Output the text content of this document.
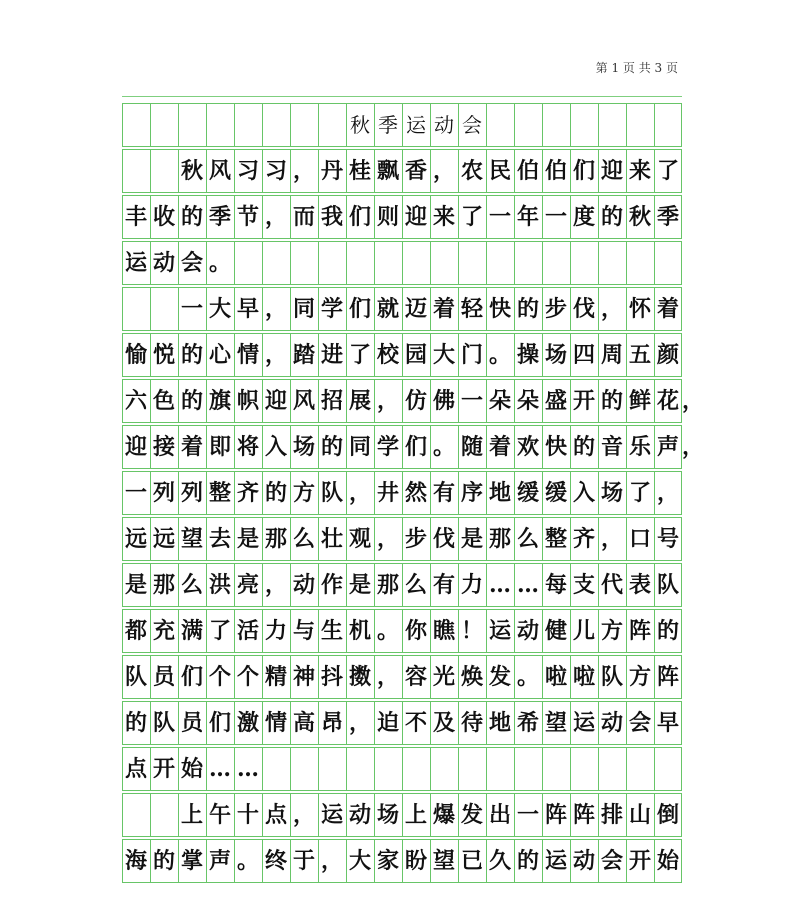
第 1 页 共 3 页
秋 季 运 动 会
秋 风 习 习 ， 丹 桂 飘 香 ， 农 民 伯 伯 们 迎 来 了
丰 收 的 季 节 ， 而 我 们 则 迎 来 了 一 年 一 度 的 秋 季
运 动 会 。
一 大 早 ， 同 学 们 就 迈 着 轻 快 的 步 伐 ， 怀 着
愉 悦 的 心 情 ， 踏 进 了 校 园 大 门 。 操 场 四 周 五 颜
六 色 的 旗 帜 迎 风 招 展 ， 仿 佛 一 朵 朵 盛 开 的 鲜 花 ，
迎 接 着 即 将 入 场 的 同 学 们 。 随 着 欢 快 的 音 乐 声 ，
一 列 列 整 齐 的 方 队 ， 井 然 有 序 地 缓 缓 入 场 了 ，
远 远 望 去 是 那 么 壮 观 ， 步 伐 是 那 么 整 齐 ， 口 号
是 那 么 洪 亮 ， 动 作 是 那 么 有 力 … … 每 支 代 表 队
都 充 满 了 活 力 与 生 机 。 你 瞧 ！ 运 动 健 儿 方 阵 的
队 员 们 个 个 精 神 抖 擞 ， 容 光 焕 发 。 啦 啦 队 方 阵
的 队 员 们 激 情 高 昂 ， 迫 不 及 待 地 希 望 运 动 会 早
点 开 始 … …
上 午 十 点 ， 运 动 场 上 爆 发 出 一 阵 阵 排 山 倒
海 的 掌 声 。 终 于 ， 大 家 盼 望 已 久 的 运 动 会 开 始
